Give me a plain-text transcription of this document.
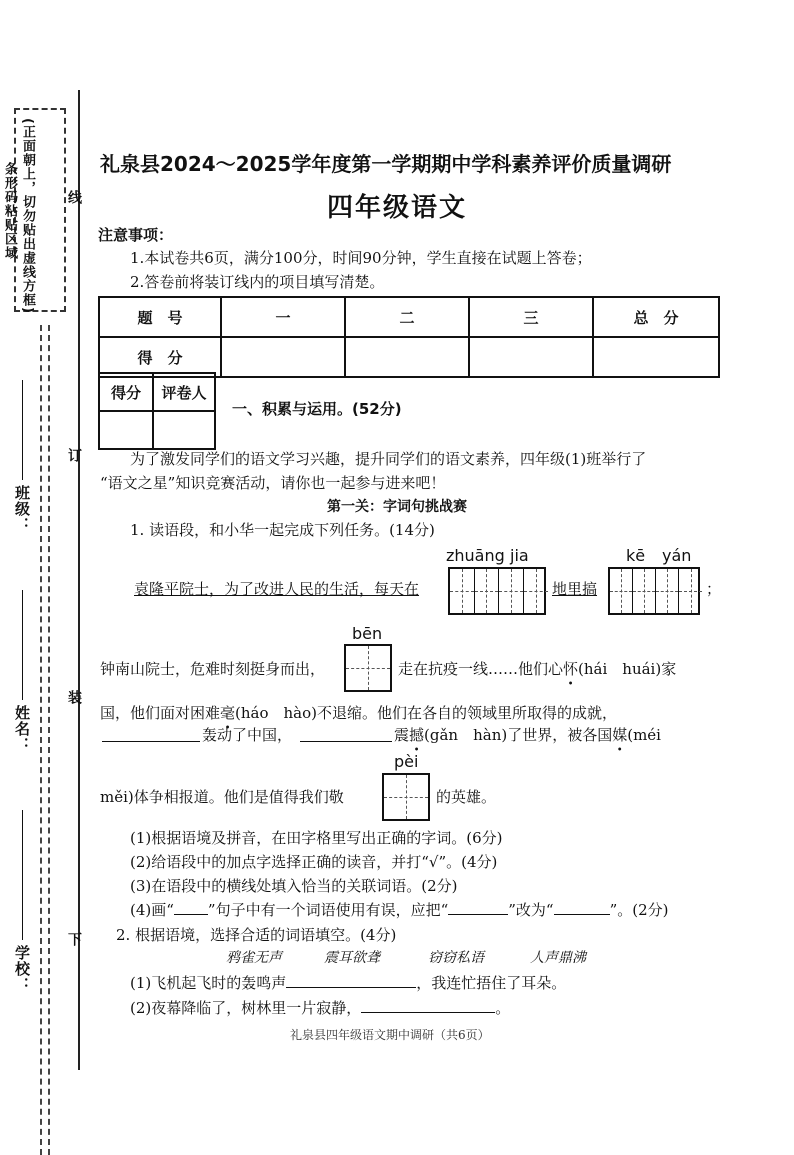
(正面朝上，切勿贴出虚线方框)
条形码粘贴区域	线
订
装
下
班级：
姓名：
学校：
礼泉县2024～2025学年度第一学期期中学科素养评价质量调研
四年级语文
注意事项：
1.本试卷共6页，满分100分，时间90分钟，学生直接在试题上答卷；
2.答卷前将装订线内的项目填写清楚。
题　号	一	二	三	总　分
得　分				
得分	评卷人

一、积累与运用。(52分)
为了激发同学们的语文学习兴趣，提升同学们的语文素养，四年级(1)班举行了
“语文之星”知识竞赛活动，请你也一起参与进来吧！
第一关：字词句挑战赛
1. 读语段，和小华一起完成下列任务。(14分)
zhuāng jia	kē yán
袁隆平院士，为了改进人民的生活，每天在	地里搞	；
bēn
钟南山院士，危难时刻挺身而出，	走在抗疫一线……他们心怀(hái　huái)家
国，他们面对困难毫(háo　hào)不退缩。他们在各自的领域里所取得的成就，
轰动了中国，	震撼(gǎn　hàn)了世界，被各国媒(méi
pèi
měi)体争相报道。他们是值得我们敬	的英雄。
(1)根据语境及拼音，在田字格里写出正确的字词。(6分)
(2)给语段中的加点字选择正确的读音，并打“√”。(4分)
(3)在语段中的横线处填入恰当的关联词语。(2分)
(4)画“ ”句子中有一个词语使用有误，应把“	”改为“	”。(2分)
2. 根据语境，选择合适的词语填空。(4分)
鸦雀无声	震耳欲聋	窃窃私语	人声鼎沸
(1)飞机起飞时的轰鸣声	，我连忙捂住了耳朵。
(2)夜幕降临了，树林里一片寂静，	。
礼泉县四年级语文期中调研（共6页）
